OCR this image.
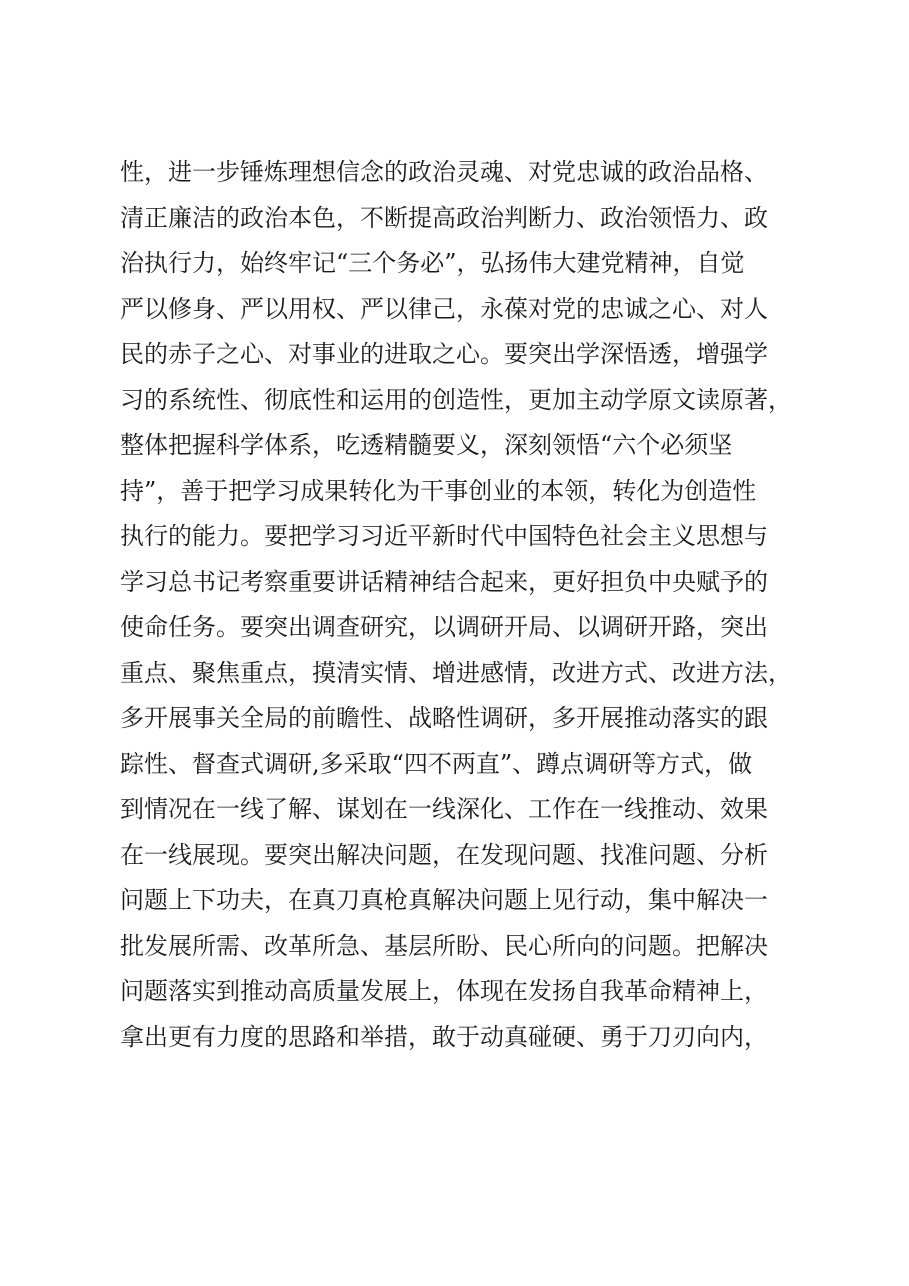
性，进一步锤炼理想信念的政治灵魂、对党忠诚的政治品格、
清正廉洁的政治本色，不断提高政治判断力、政治领悟力、政
治执行力，始终牢记“三个务必”，弘扬伟大建党精神，自觉
严以修身、严以用权、严以律己，永葆对党的忠诚之心、对人
民的赤子之心、对事业的进取之心。要突出学深悟透，增强学
习的系统性、彻底性和运用的创造性，更加主动学原文读原著，
整体把握科学体系，吃透精髓要义，深刻领悟“六个必须坚
持”，善于把学习成果转化为干事创业的本领，转化为创造性
执行的能力。要把学习习近平新时代中国特色社会主义思想与
学习总书记考察重要讲话精神结合起来，更好担负中央赋予的
使命任务。要突出调查研究，以调研开局、以调研开路，突出
重点、聚焦重点，摸清实情、增进感情，改进方式、改进方法，
多开展事关全局的前瞻性、战略性调研，多开展推动落实的跟
踪性、督查式调研,多采取“四不两直”、蹲点调研等方式，做
到情况在一线了解、谋划在一线深化、工作在一线推动、效果
在一线展现。要突出解决问题，在发现问题、找准问题、分析
问题上下功夫，在真刀真枪真解决问题上见行动，集中解决一
批发展所需、改革所急、基层所盼、民心所向的问题。把解决
问题落实到推动高质量发展上，体现在发扬自我革命精神上，
拿出更有力度的思路和举措，敢于动真碰硬、勇于刀刃向内，
